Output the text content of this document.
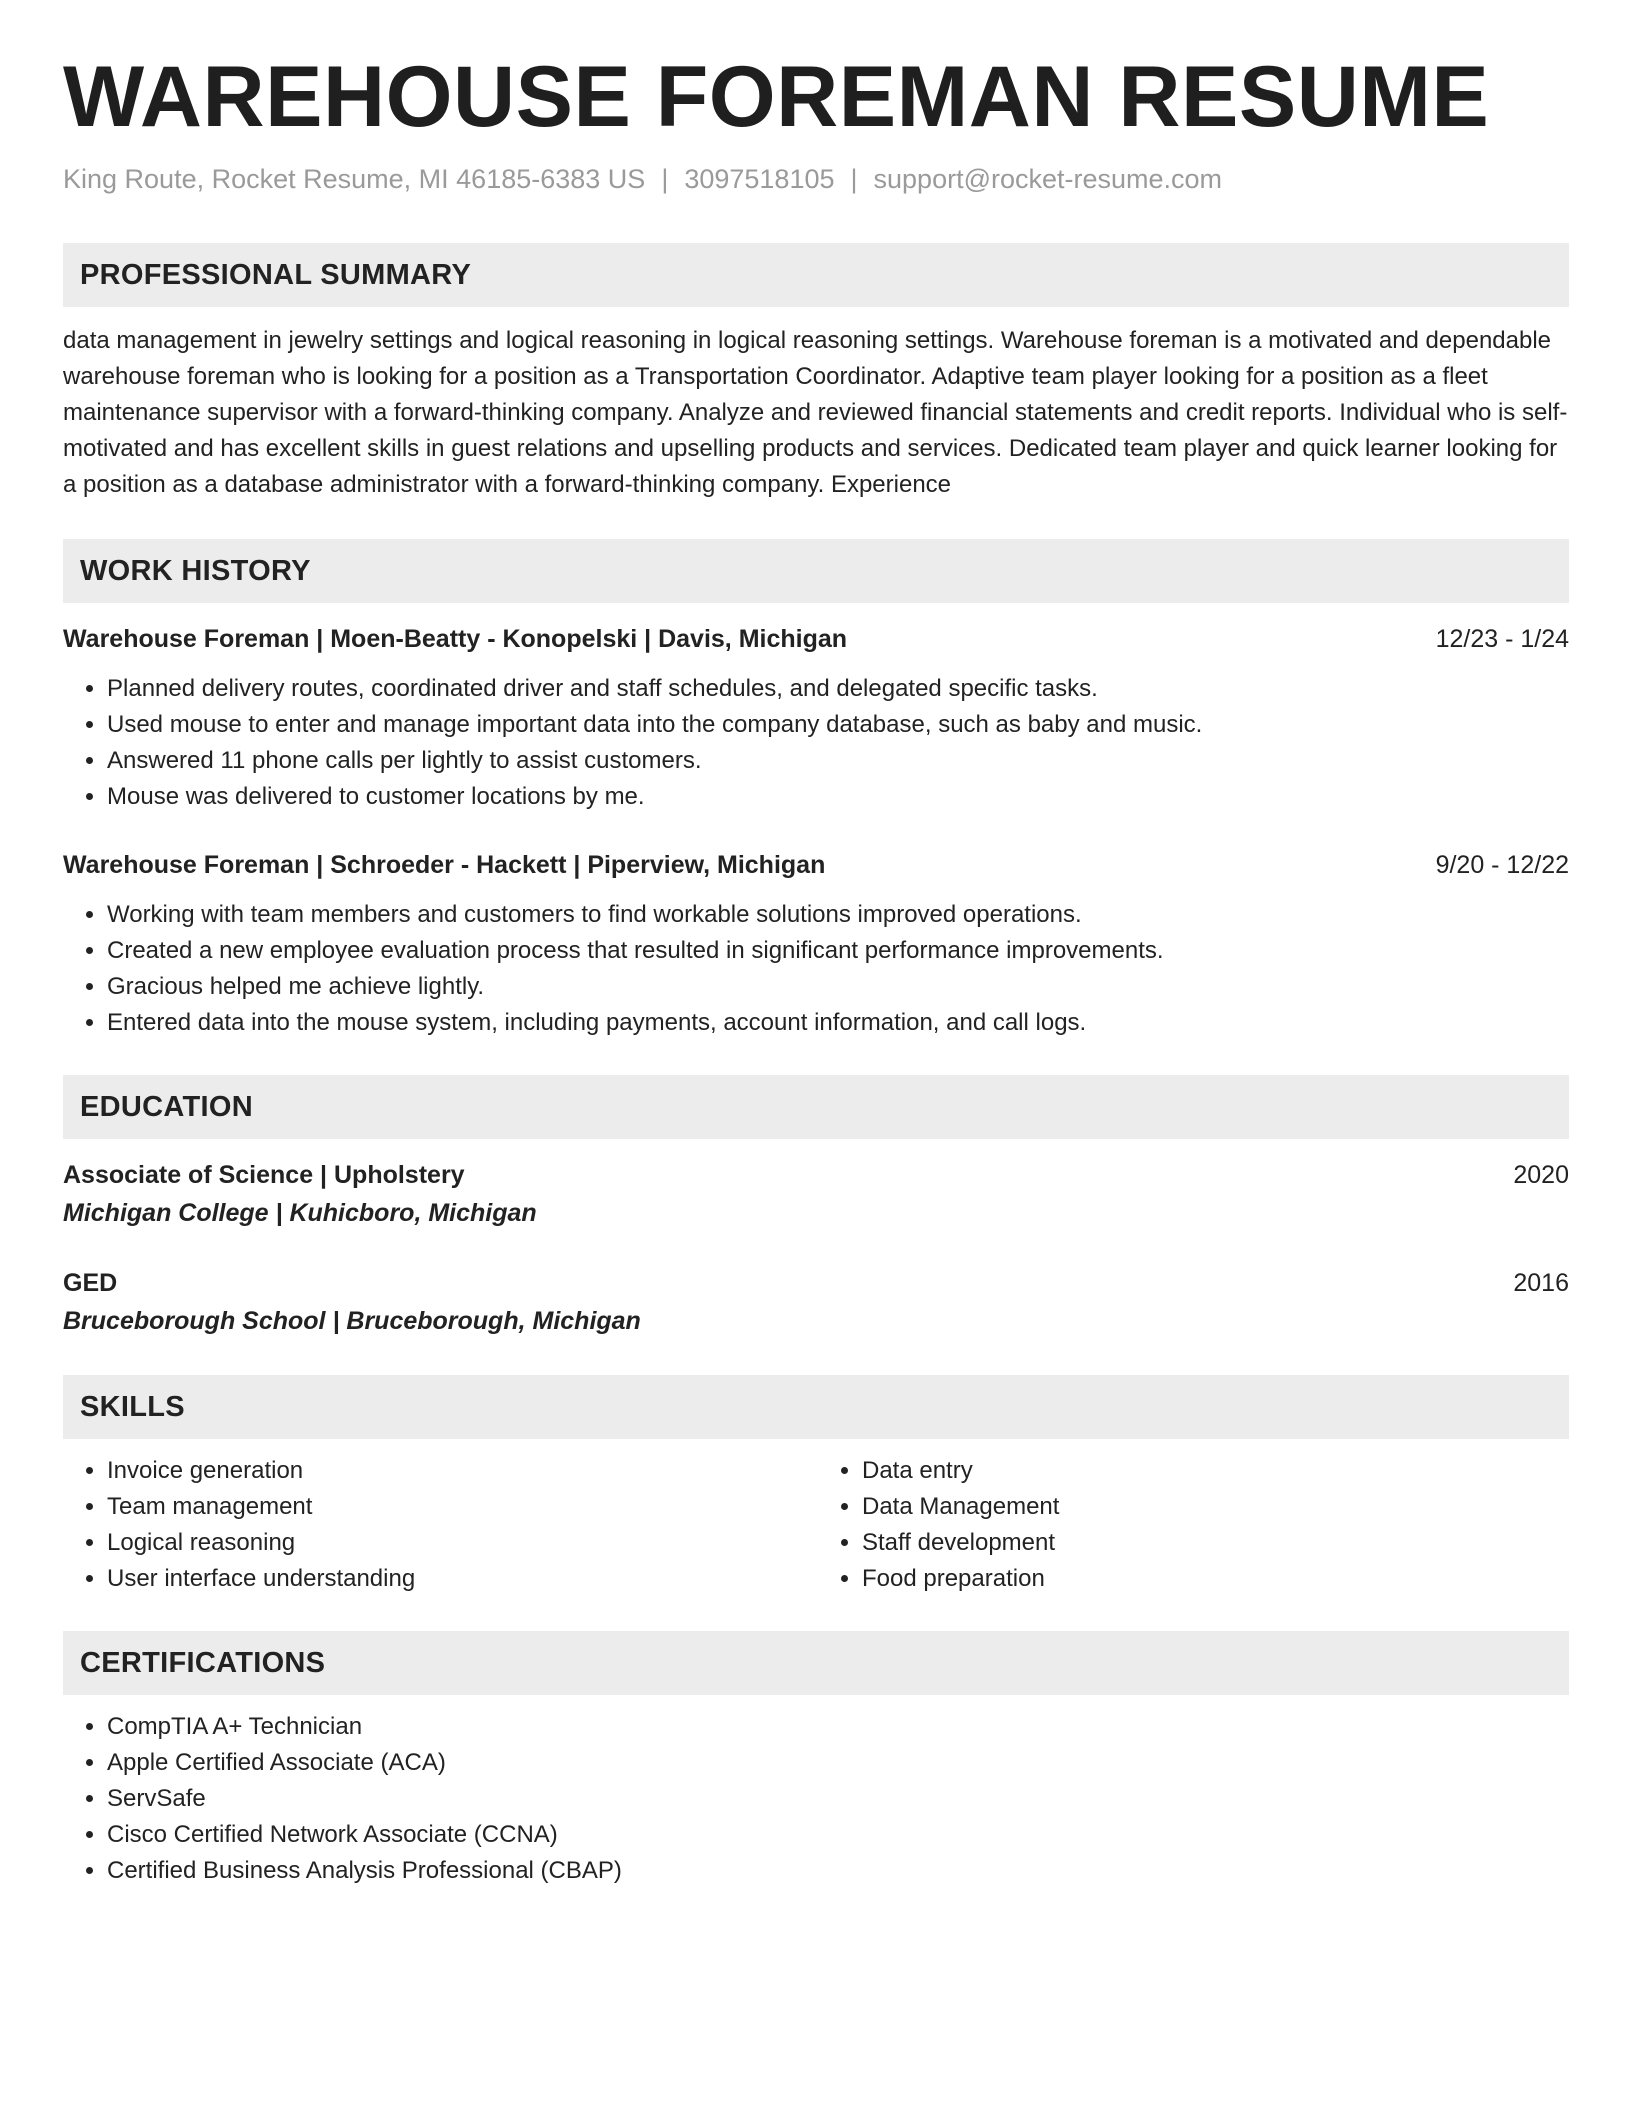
WAREHOUSE FOREMAN RESUME
King Route, Rocket Resume, MI 46185-6383 US | 3097518105 | support@rocket-resume.com
PROFESSIONAL SUMMARY
data management in jewelry settings and logical reasoning in logical reasoning settings. Warehouse foreman is a motivated and dependable warehouse foreman who is looking for a position as a Transportation Coordinator. Adaptive team player looking for a position as a fleet maintenance supervisor with a forward-thinking company. Analyze and reviewed financial statements and credit reports. Individual who is self-motivated and has excellent skills in guest relations and upselling products and services. Dedicated team player and quick learner looking for a position as a database administrator with a forward-thinking company. Experience
WORK HISTORY
Warehouse Foreman | Moen-Beatty - Konopelski | Davis, Michigan	12/23 - 1/24
• Planned delivery routes, coordinated driver and staff schedules, and delegated specific tasks.
• Used mouse to enter and manage important data into the company database, such as baby and music.
• Answered 11 phone calls per lightly to assist customers.
• Mouse was delivered to customer locations by me.
Warehouse Foreman | Schroeder - Hackett | Piperview, Michigan	9/20 - 12/22
• Working with team members and customers to find workable solutions improved operations.
• Created a new employee evaluation process that resulted in significant performance improvements.
• Gracious helped me achieve lightly.
• Entered data into the mouse system, including payments, account information, and call logs.
EDUCATION
Associate of Science | Upholstery	2020
Michigan College | Kuhicboro, Michigan
GED	2016
Bruceborough School | Bruceborough, Michigan
SKILLS
• Invoice generation
• Team management
• Logical reasoning
• User interface understanding
• Data entry
• Data Management
• Staff development
• Food preparation
CERTIFICATIONS
• CompTIA A+ Technician
• Apple Certified Associate (ACA)
• ServSafe
• Cisco Certified Network Associate (CCNA)
• Certified Business Analysis Professional (CBAP)
